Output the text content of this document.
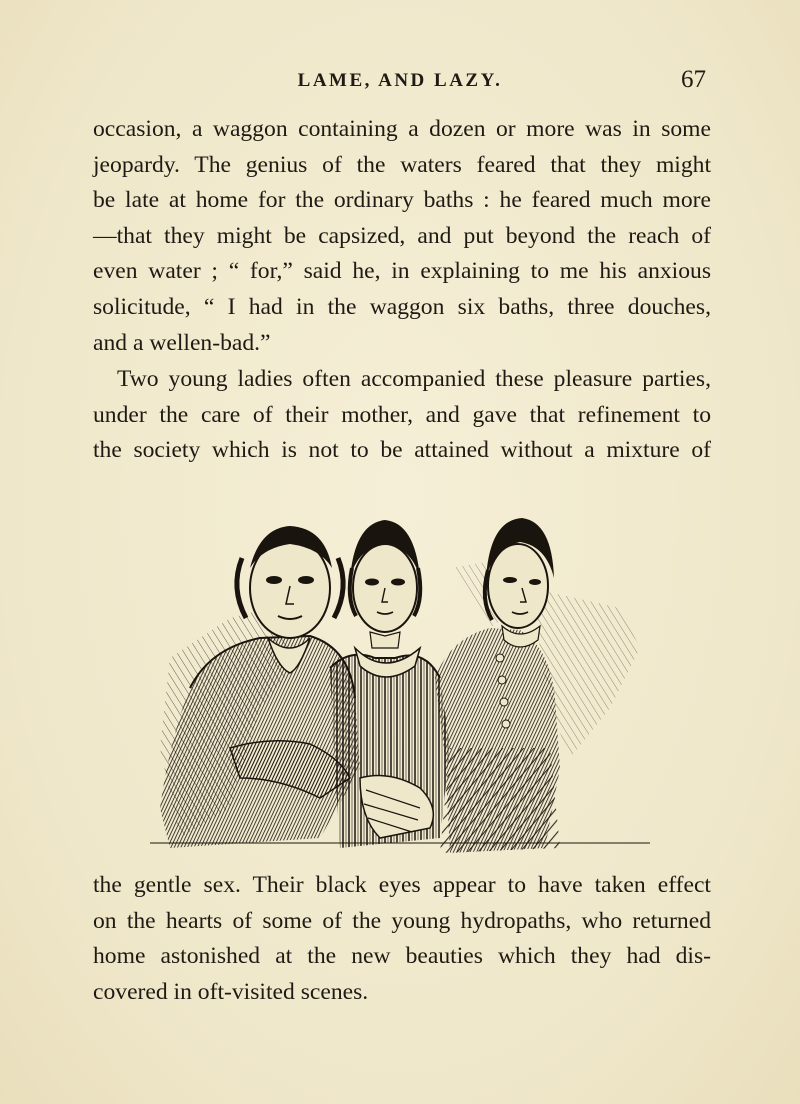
LAME, AND LAZY.	67

occasion, a waggon containing a dozen or more was in some
jeopardy. The genius of the waters feared that they might
be late at home for the ordinary baths : he feared much more
—that they might be capsized, and put beyond the reach of
even water ; “ for,” said he, in explaining to me his anxious
solicitude, “ I had in the waggon six baths, three douches,
and a wellen-bad.”

Two young ladies often accompanied these pleasure parties,
under the care of their mother, and gave that refinement to
the society which is not to be attained without a mixture of

the gentle sex. Their black eyes appear to have taken effect
on the hearts of some of the young hydropaths, who returned
home astonished at the new beauties which they had dis-
covered in oft-visited scenes.
